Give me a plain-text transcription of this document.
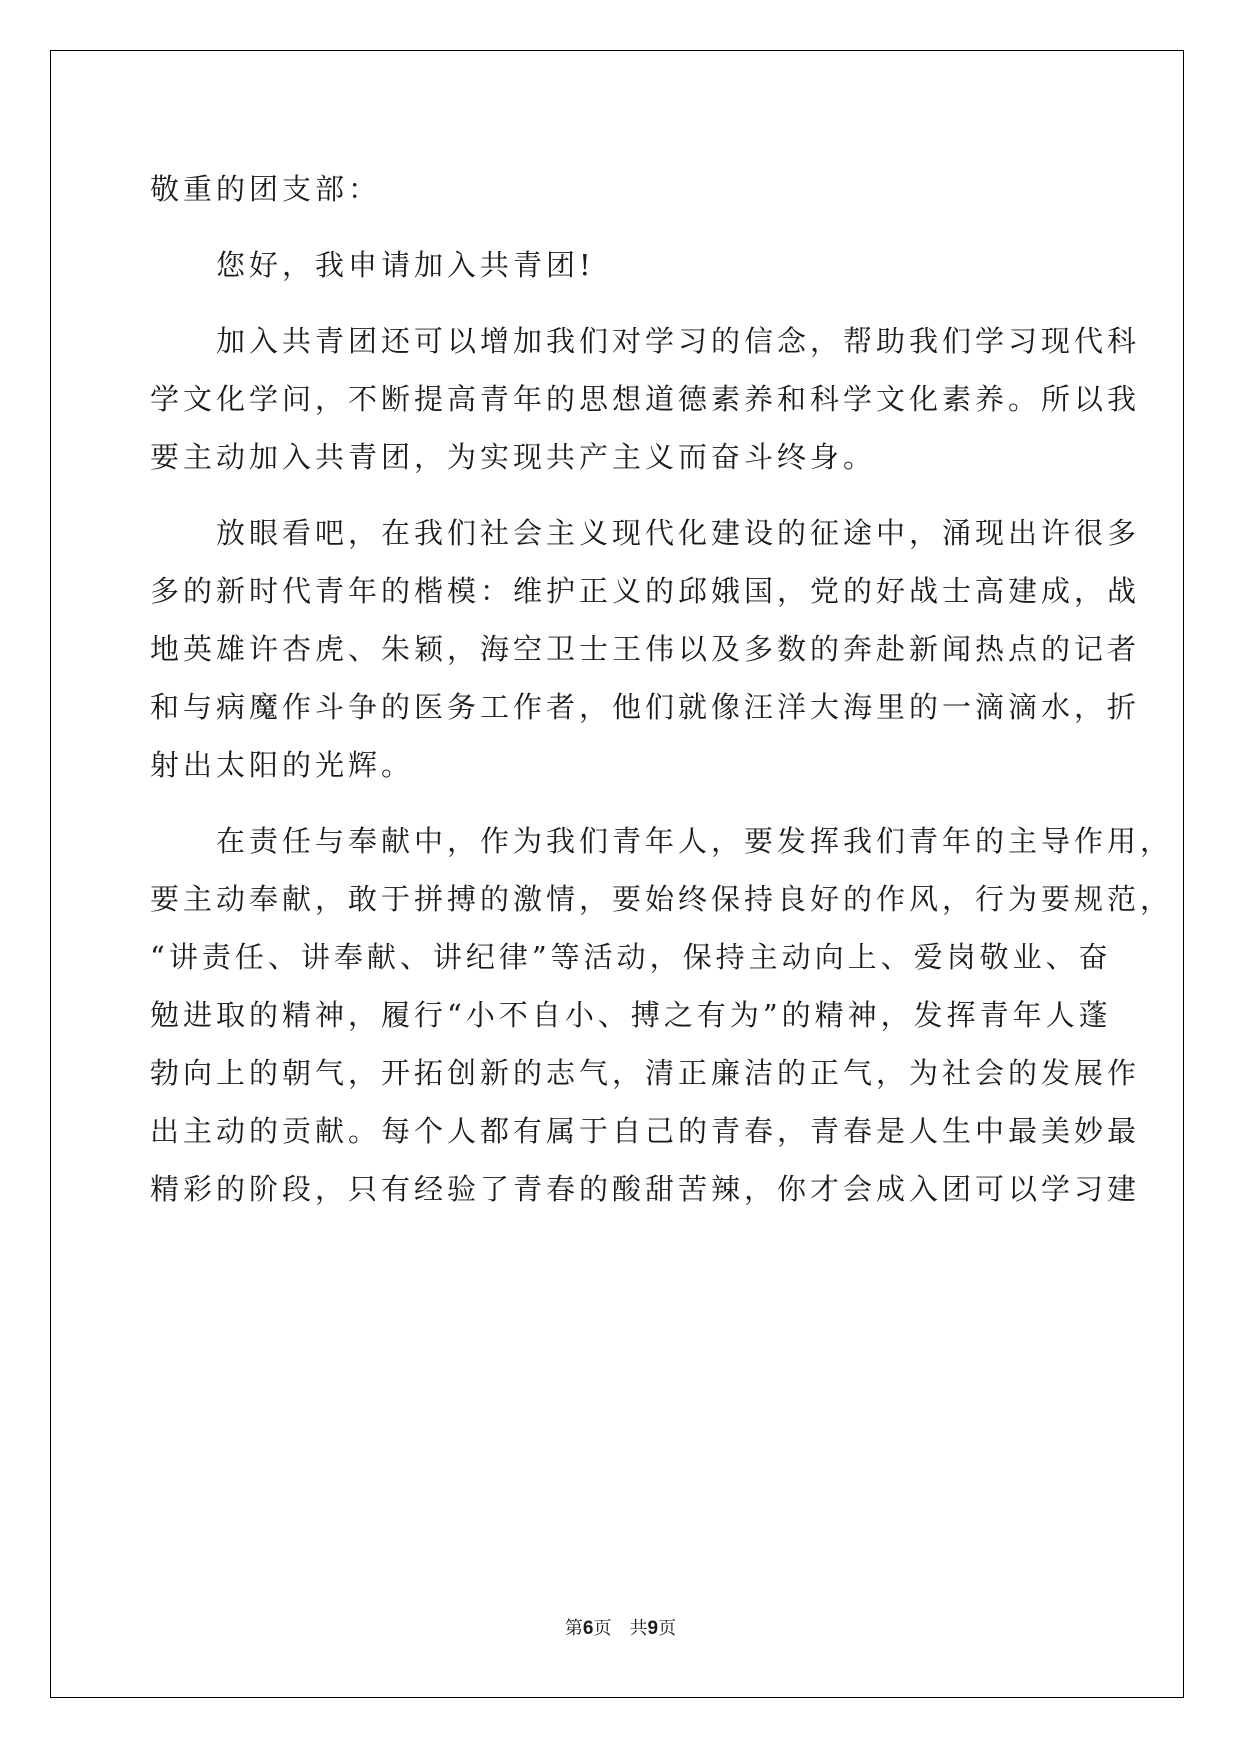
敬重的团支部：
您好，我申请加入共青团!
加入共青团还可以增加我们对学习的信念，帮助我们学习现代科
学文化学问，不断提高青年的思想道德素养和科学文化素养。所以我
要主动加入共青团，为实现共产主义而奋斗终身。
放眼看吧，在我们社会主义现代化建设的征途中，涌现出许很多
多的新时代青年的楷模：维护正义的邱娥国，党的好战士高建成，战
地英雄许杏虎、朱颖，海空卫士王伟以及多数的奔赴新闻热点的记者
和与病魔作斗争的医务工作者，他们就像汪洋大海里的一滴滴水，折
射出太阳的光辉。
在责任与奉献中，作为我们青年人，要发挥我们青年的主导作用，
要主动奉献，敢于拼搏的激情，要始终保持良好的作风，行为要规范，
“讲责任、讲奉献、讲纪律”等活动，保持主动向上、爱岗敬业、奋
勉进取的精神，履行“小不自小、搏之有为”的精神，发挥青年人蓬
勃向上的朝气，开拓创新的志气，清正廉洁的正气，为社会的发展作
出主动的贡献。每个人都有属于自己的青春，青春是人生中最美妙最
精彩的阶段，只有经验了青春的酸甜苦辣，你才会成入团可以学习建
第6页 共9页
